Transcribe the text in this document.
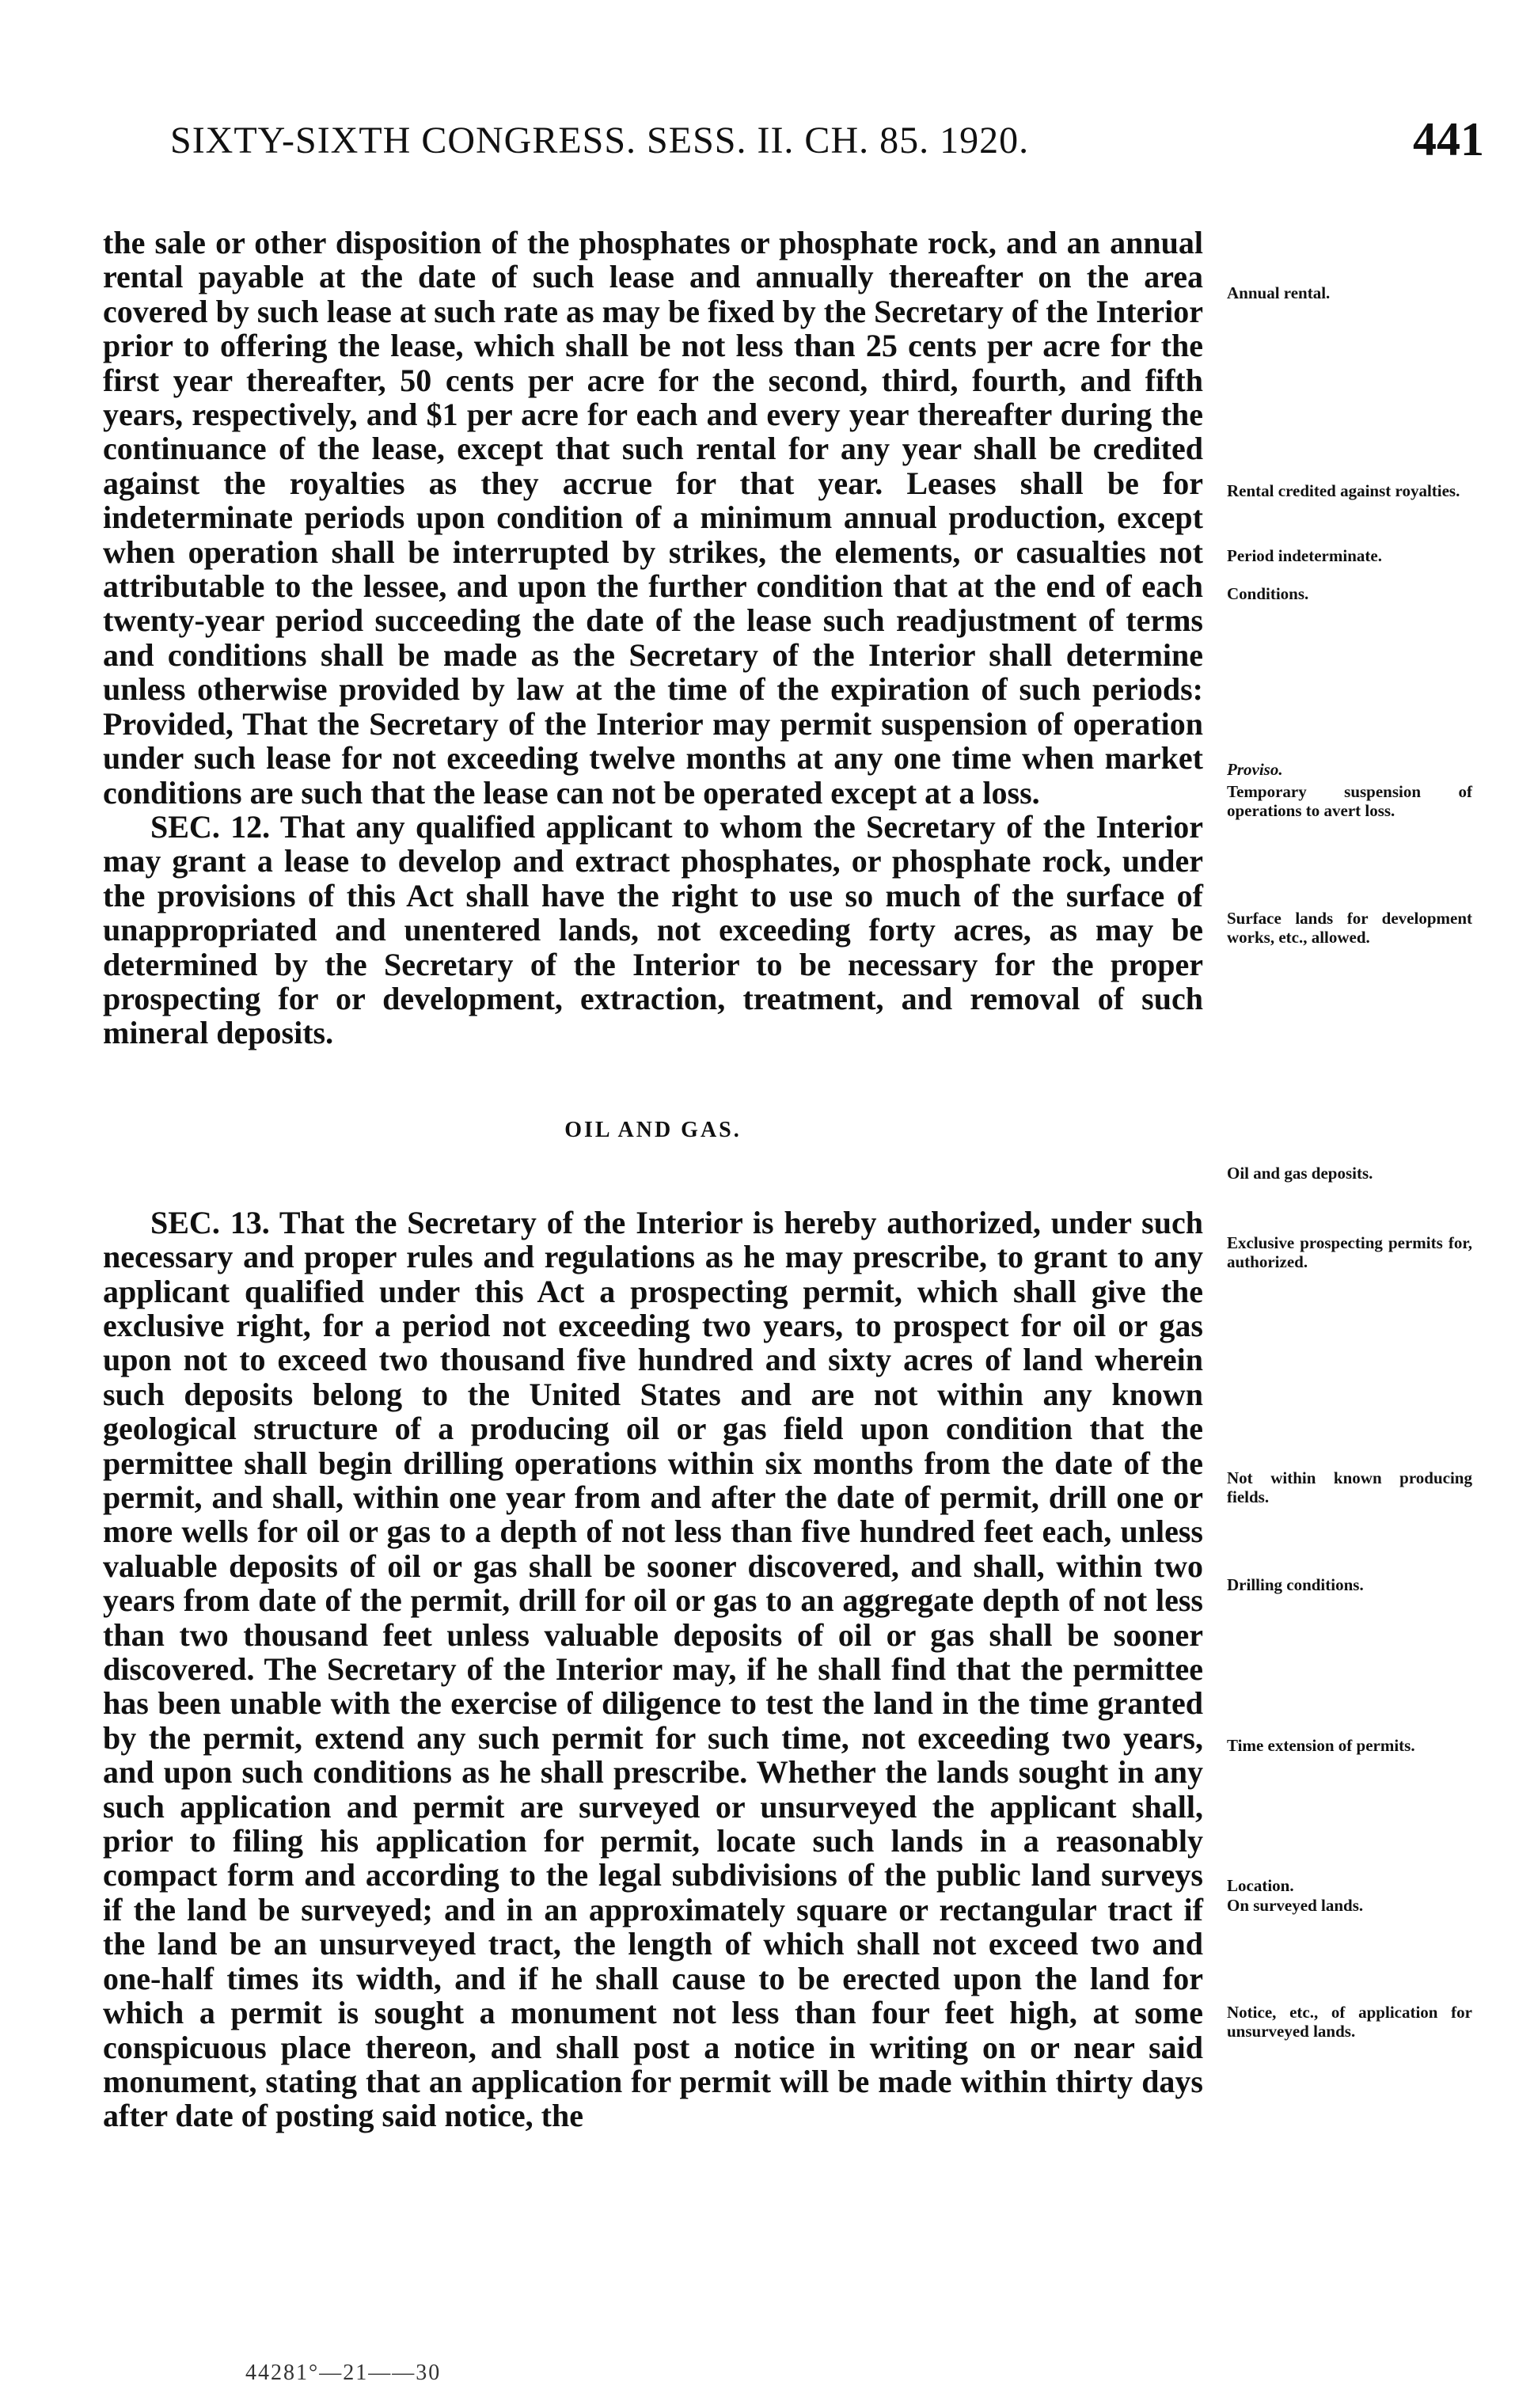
SIXTY-SIXTH CONGRESS. SESS. II. CH. 85. 1920.	441

the sale or other disposition of the phosphates or phosphate rock, and an annual rental payable at the date of such lease and annually thereafter on the area covered by such lease at such rate as may be fixed by the Secretary of the Interior prior to offering the lease, which shall be not less than 25 cents per acre for the first year thereafter, 50 cents per acre for the second, third, fourth, and fifth years, respectively, and $1 per acre for each and every year thereafter during the continuance of the lease, except that such rental for any year shall be credited against the royalties as they accrue for that year. Leases shall be for indeterminate periods upon condition of a minimum annual production, except when operation shall be interrupted by strikes, the elements, or casualties not attributable to the lessee, and upon the further condition that at the end of each twenty-year period succeeding the date of the lease such readjustment of terms and conditions shall be made as the Secretary of the Interior shall determine unless otherwise provided by law at the time of the expiration of such periods: Provided, That the Secretary of the Interior may permit suspension of operation under such lease for not exceeding twelve months at any one time when market conditions are such that the lease can not be operated except at a loss.

SEC. 12. That any qualified applicant to whom the Secretary of the Interior may grant a lease to develop and extract phosphates, or phosphate rock, under the provisions of this Act shall have the right to use so much of the surface of unappropriated and unentered lands, not exceeding forty acres, as may be determined by the Secretary of the Interior to be necessary for the proper prospecting for or development, extraction, treatment, and removal of such mineral deposits.

OIL AND GAS.

SEC. 13. That the Secretary of the Interior is hereby authorized, under such necessary and proper rules and regulations as he may prescribe, to grant to any applicant qualified under this Act a prospecting permit, which shall give the exclusive right, for a period not exceeding two years, to prospect for oil or gas upon not to exceed two thousand five hundred and sixty acres of land wherein such deposits belong to the United States and are not within any known geological structure of a producing oil or gas field upon condition that the permittee shall begin drilling operations within six months from the date of the permit, and shall, within one year from and after the date of permit, drill one or more wells for oil or gas to a depth of not less than five hundred feet each, unless valuable deposits of oil or gas shall be sooner discovered, and shall, within two years from date of the permit, drill for oil or gas to an aggregate depth of not less than two thousand feet unless valuable deposits of oil or gas shall be sooner discovered. The Secretary of the Interior may, if he shall find that the permittee has been unable with the exercise of diligence to test the land in the time granted by the permit, extend any such permit for such time, not exceeding two years, and upon such conditions as he shall prescribe. Whether the lands sought in any such application and permit are surveyed or unsurveyed the applicant shall, prior to filing his application for permit, locate such lands in a reasonably compact form and according to the legal subdivisions of the public land surveys if the land be surveyed; and in an approximately square or rectangular tract if the land be an unsurveyed tract, the length of which shall not exceed two and one-half times its width, and if he shall cause to be erected upon the land for which a permit is sought a monument not less than four feet high, at some conspicuous place thereon, and shall post a notice in writing on or near said monument, stating that an application for permit will be made within thirty days after date of posting said notice, the

Annual rental.
Rental credited against royalties.
Period indeterminate.
Conditions.
Proviso.
Temporary suspension of operations to avert loss.
Surface lands for development works, etc., allowed.
Oil and gas deposits.
Exclusive prospecting permits for, authorized.
Not within known producing fields.
Drilling conditions.
Time extension of permits.
Location.
On surveyed lands.
Notice, etc., of application for unsurveyed lands.
44281°—21——30
